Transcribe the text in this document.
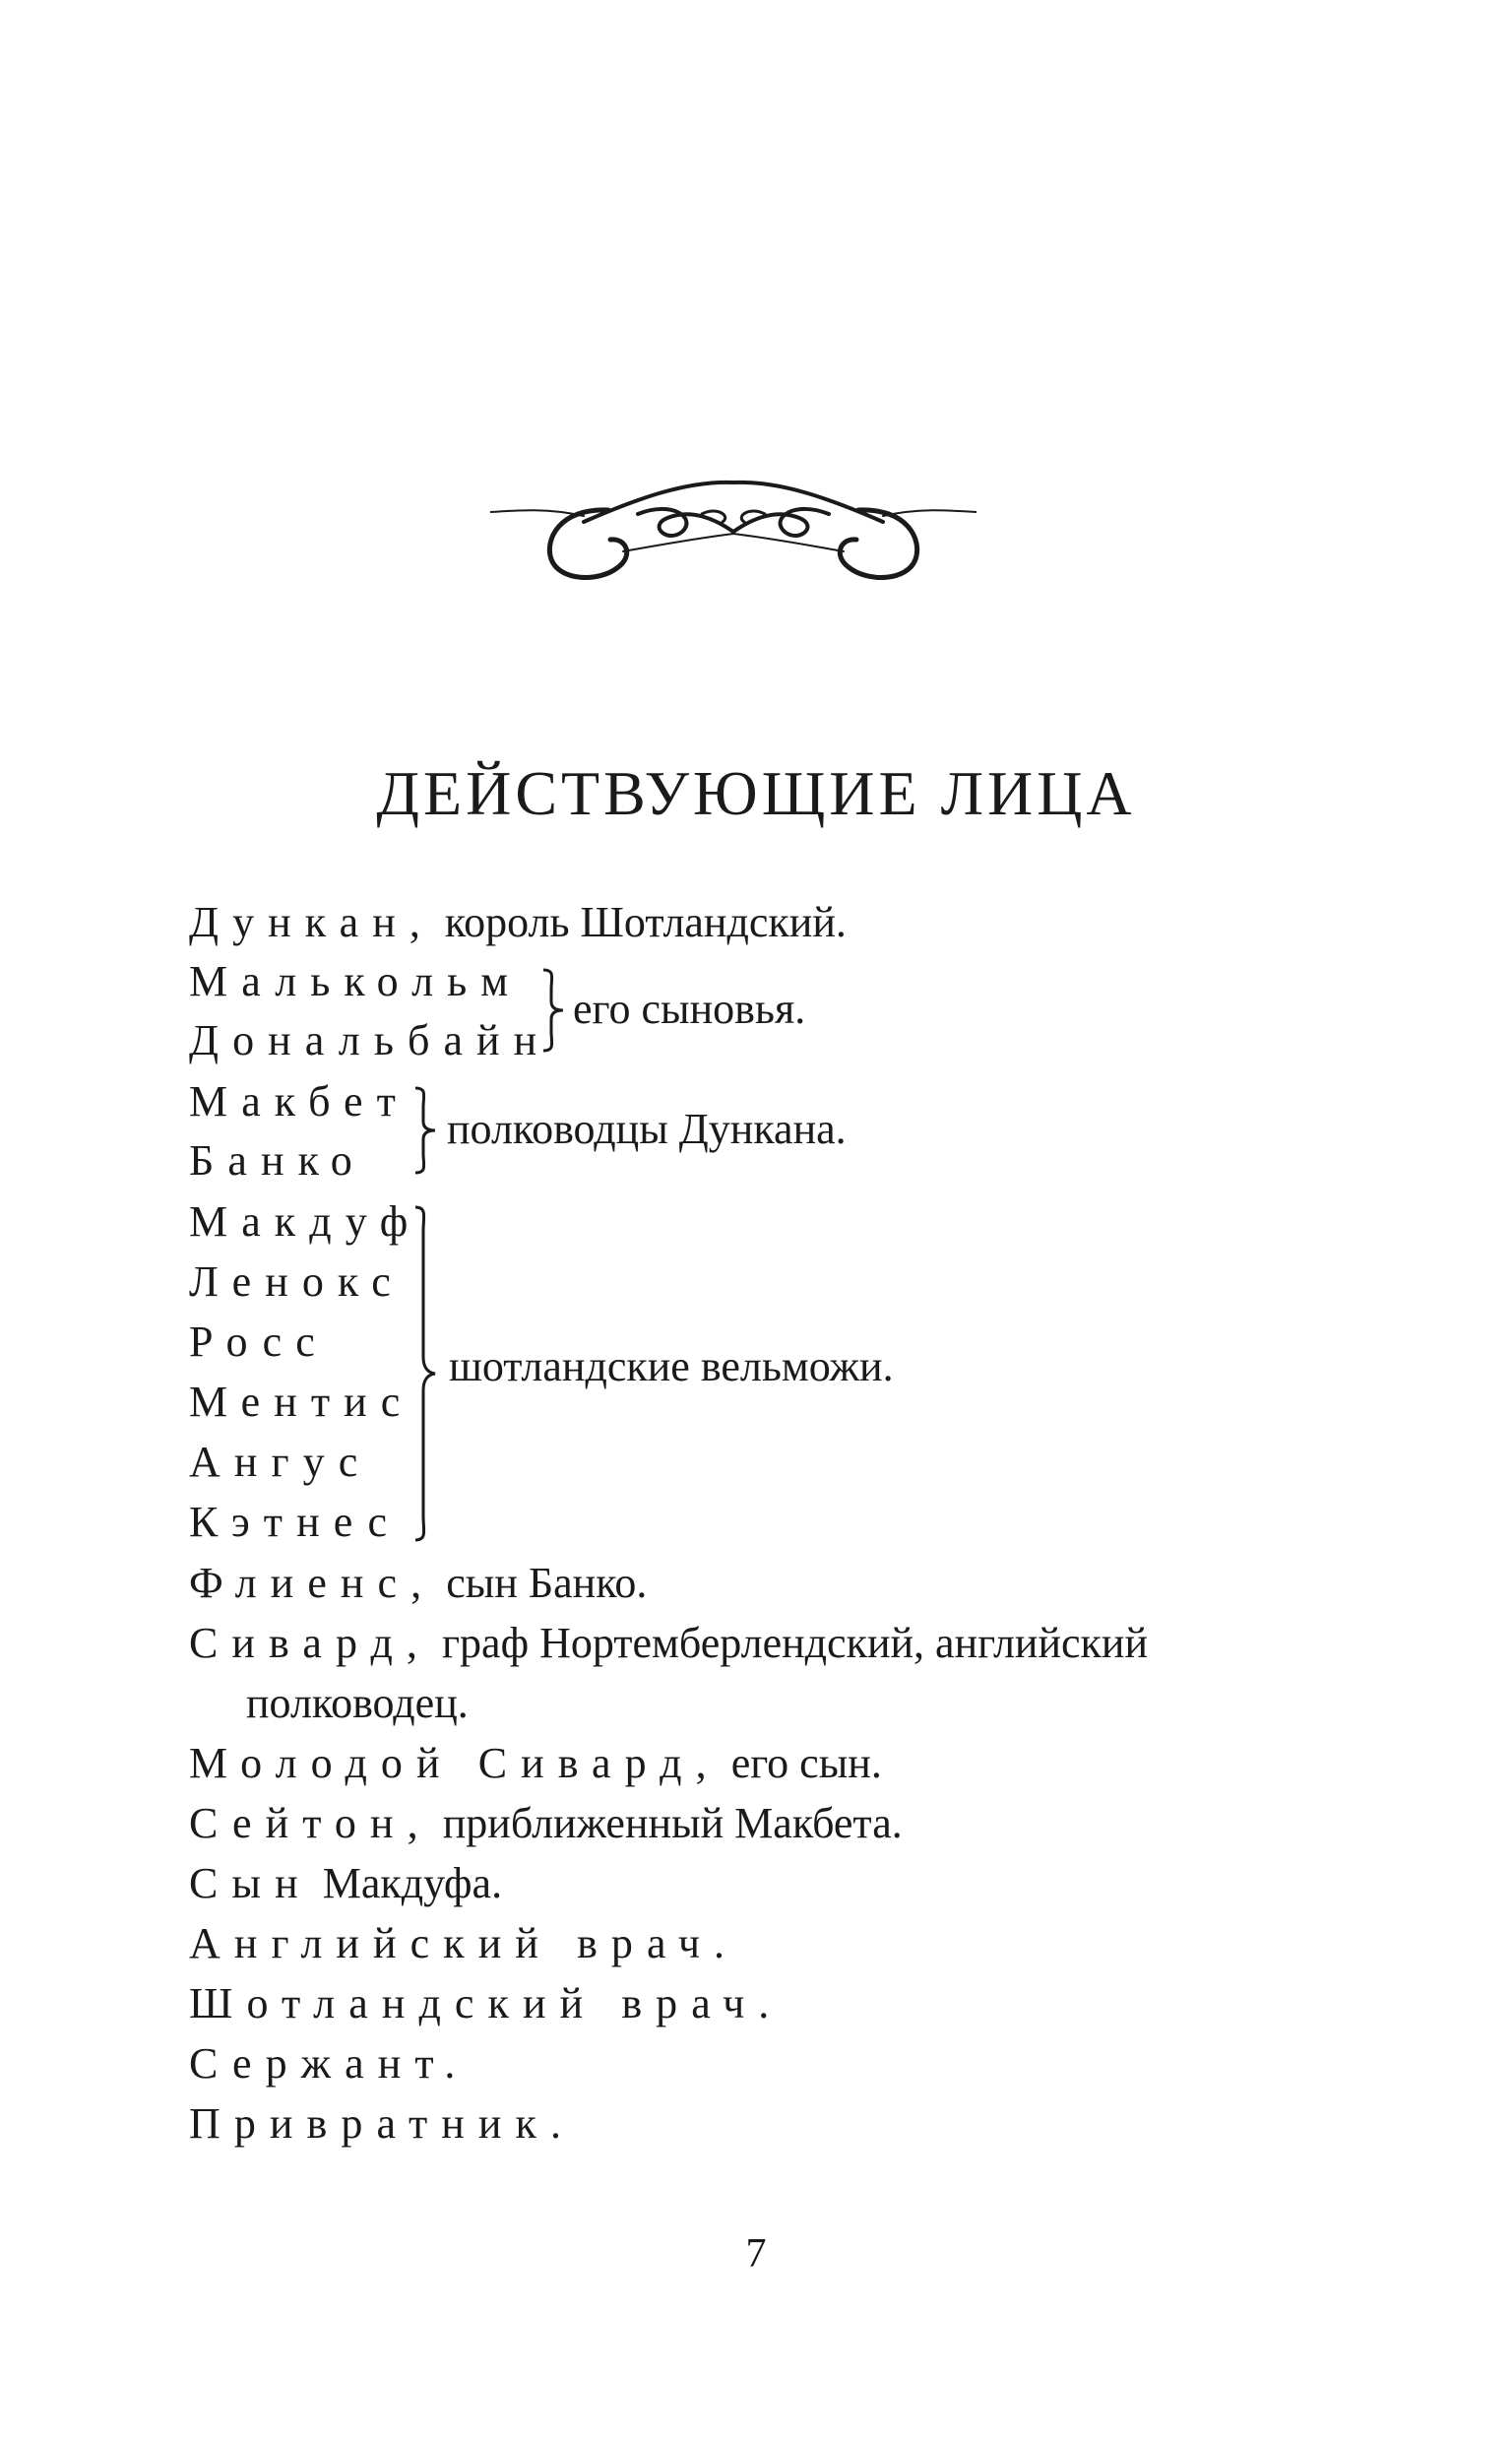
ДЕЙСТВУЮЩИЕ ЛИЦА
Дункан, король Шотландский.
Малькольм
Дональбайн
его сыновья.
Макбет
Банко
полководцы Дункана.
Макдуф
Ленокс
Росс
Ментис
Ангус
Кэтнес
шотландские вельможи.
Флиенс, сын Банко.
Сивард, граф Нортемберлендский, английский
полководец.
Молодой Сивард, его сын.
Сейтон, приближенный Макбета.
Сын Макдуфа.
Английский врач.
Шотландский врач.
Сержант.
Привратник.
7
